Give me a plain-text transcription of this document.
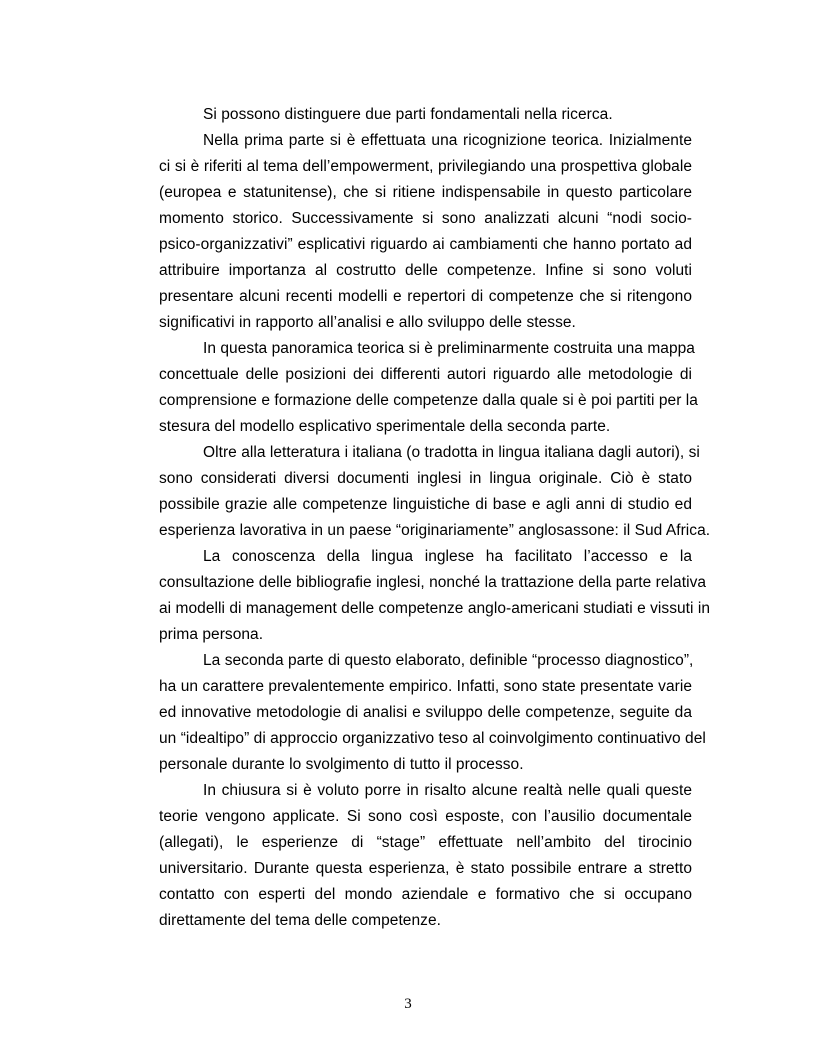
Si possono distinguere due parti fondamentali nella ricerca.
Nella prima parte si è effettuata una ricognizione teorica. Inizialmente
ci si è riferiti al tema dell’empowerment, privilegiando una prospettiva globale
(europea e statunitense), che si ritiene indispensabile in questo particolare
momento storico. Successivamente si sono analizzati alcuni “nodi socio-
psico-organizzativi” esplicativi riguardo ai cambiamenti che hanno portato ad
attribuire importanza al costrutto delle competenze. Infine si sono voluti
presentare alcuni recenti modelli e repertori di competenze che si ritengono
significativi in rapporto all’analisi e allo sviluppo delle stesse.
In questa panoramica teorica si è preliminarmente costruita una mappa
concettuale delle posizioni dei differenti autori riguardo alle metodologie di
comprensione e formazione delle competenze dalla quale si è poi partiti per la
stesura del modello esplicativo sperimentale della seconda parte.
Oltre alla letteratura i italiana (o tradotta in lingua italiana dagli autori), si
sono considerati diversi documenti inglesi in lingua originale. Ciò è stato
possibile grazie alle competenze linguistiche di base e agli anni di studio ed
esperienza lavorativa in un paese “originariamente” anglosassone: il Sud Africa.
La conoscenza della lingua inglese ha facilitato l’accesso e la
consultazione delle bibliografie inglesi, nonché la trattazione della parte relativa
ai modelli di management delle competenze anglo-americani studiati e vissuti in
prima persona.
La seconda parte di questo elaborato, definible “processo diagnostico”,
ha un carattere prevalentemente empirico. Infatti, sono state presentate varie
ed innovative metodologie di analisi e sviluppo delle competenze, seguite da
un “idealtipo” di approccio organizzativo teso al coinvolgimento continuativo del
personale durante lo svolgimento di tutto il processo.
In chiusura si è voluto porre in risalto alcune realtà nelle quali queste
teorie vengono applicate. Si sono così esposte, con l’ausilio documentale
(allegati), le esperienze di “stage” effettuate nell’ambito del tirocinio
universitario. Durante questa esperienza, è stato possibile entrare a stretto
contatto con esperti del mondo aziendale e formativo che si occupano
direttamente del tema delle competenze.
3
